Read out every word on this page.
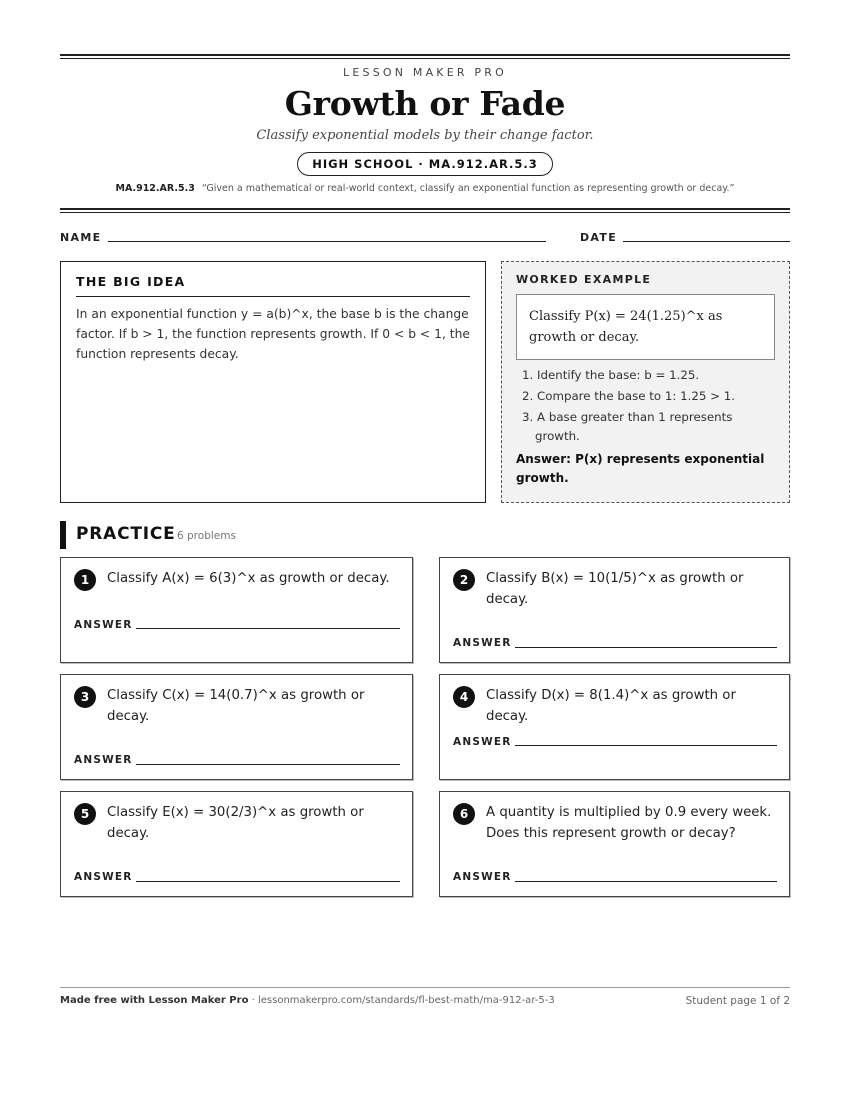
LESSON MAKER PRO
Growth or Fade
Classify exponential models by their change factor.
HIGH SCHOOL · MA.912.AR.5.3
MA.912.AR.5.3 “Given a mathematical or real-world context, classify an exponential function as representing growth or decay.”
NAME	DATE
THE BIG IDEA

In an exponential function y = a(b)^x, the base b is the change factor. If b > 1, the function represents growth. If 0 < b < 1, the function represents decay.

WORKED EXAMPLE
Classify P(x) = 24(1.25)^x as growth or decay.
1. Identify the base: b = 1.25.
2. Compare the base to 1: 1.25 > 1.
3. A base greater than 1 represents growth.
Answer: P(x) represents exponential growth.
PRACTICE 6 problems
1	Classify A(x) = 6(3)^x as growth or decay.
ANSWER
2	Classify B(x) = 10(1/5)^x as growth or decay.
ANSWER
3	Classify C(x) = 14(0.7)^x as growth or decay.
ANSWER
4	Classify D(x) = 8(1.4)^x as growth or decay.
ANSWER
5	Classify E(x) = 30(2/3)^x as growth or decay.
ANSWER
6	A quantity is multiplied by 0.9 every week. Does this represent growth or decay?
ANSWER
Made free with Lesson Maker Pro · lessonmakerpro.com/standards/fl-best-math/ma-912-ar-5-3	Student page 1 of 2
